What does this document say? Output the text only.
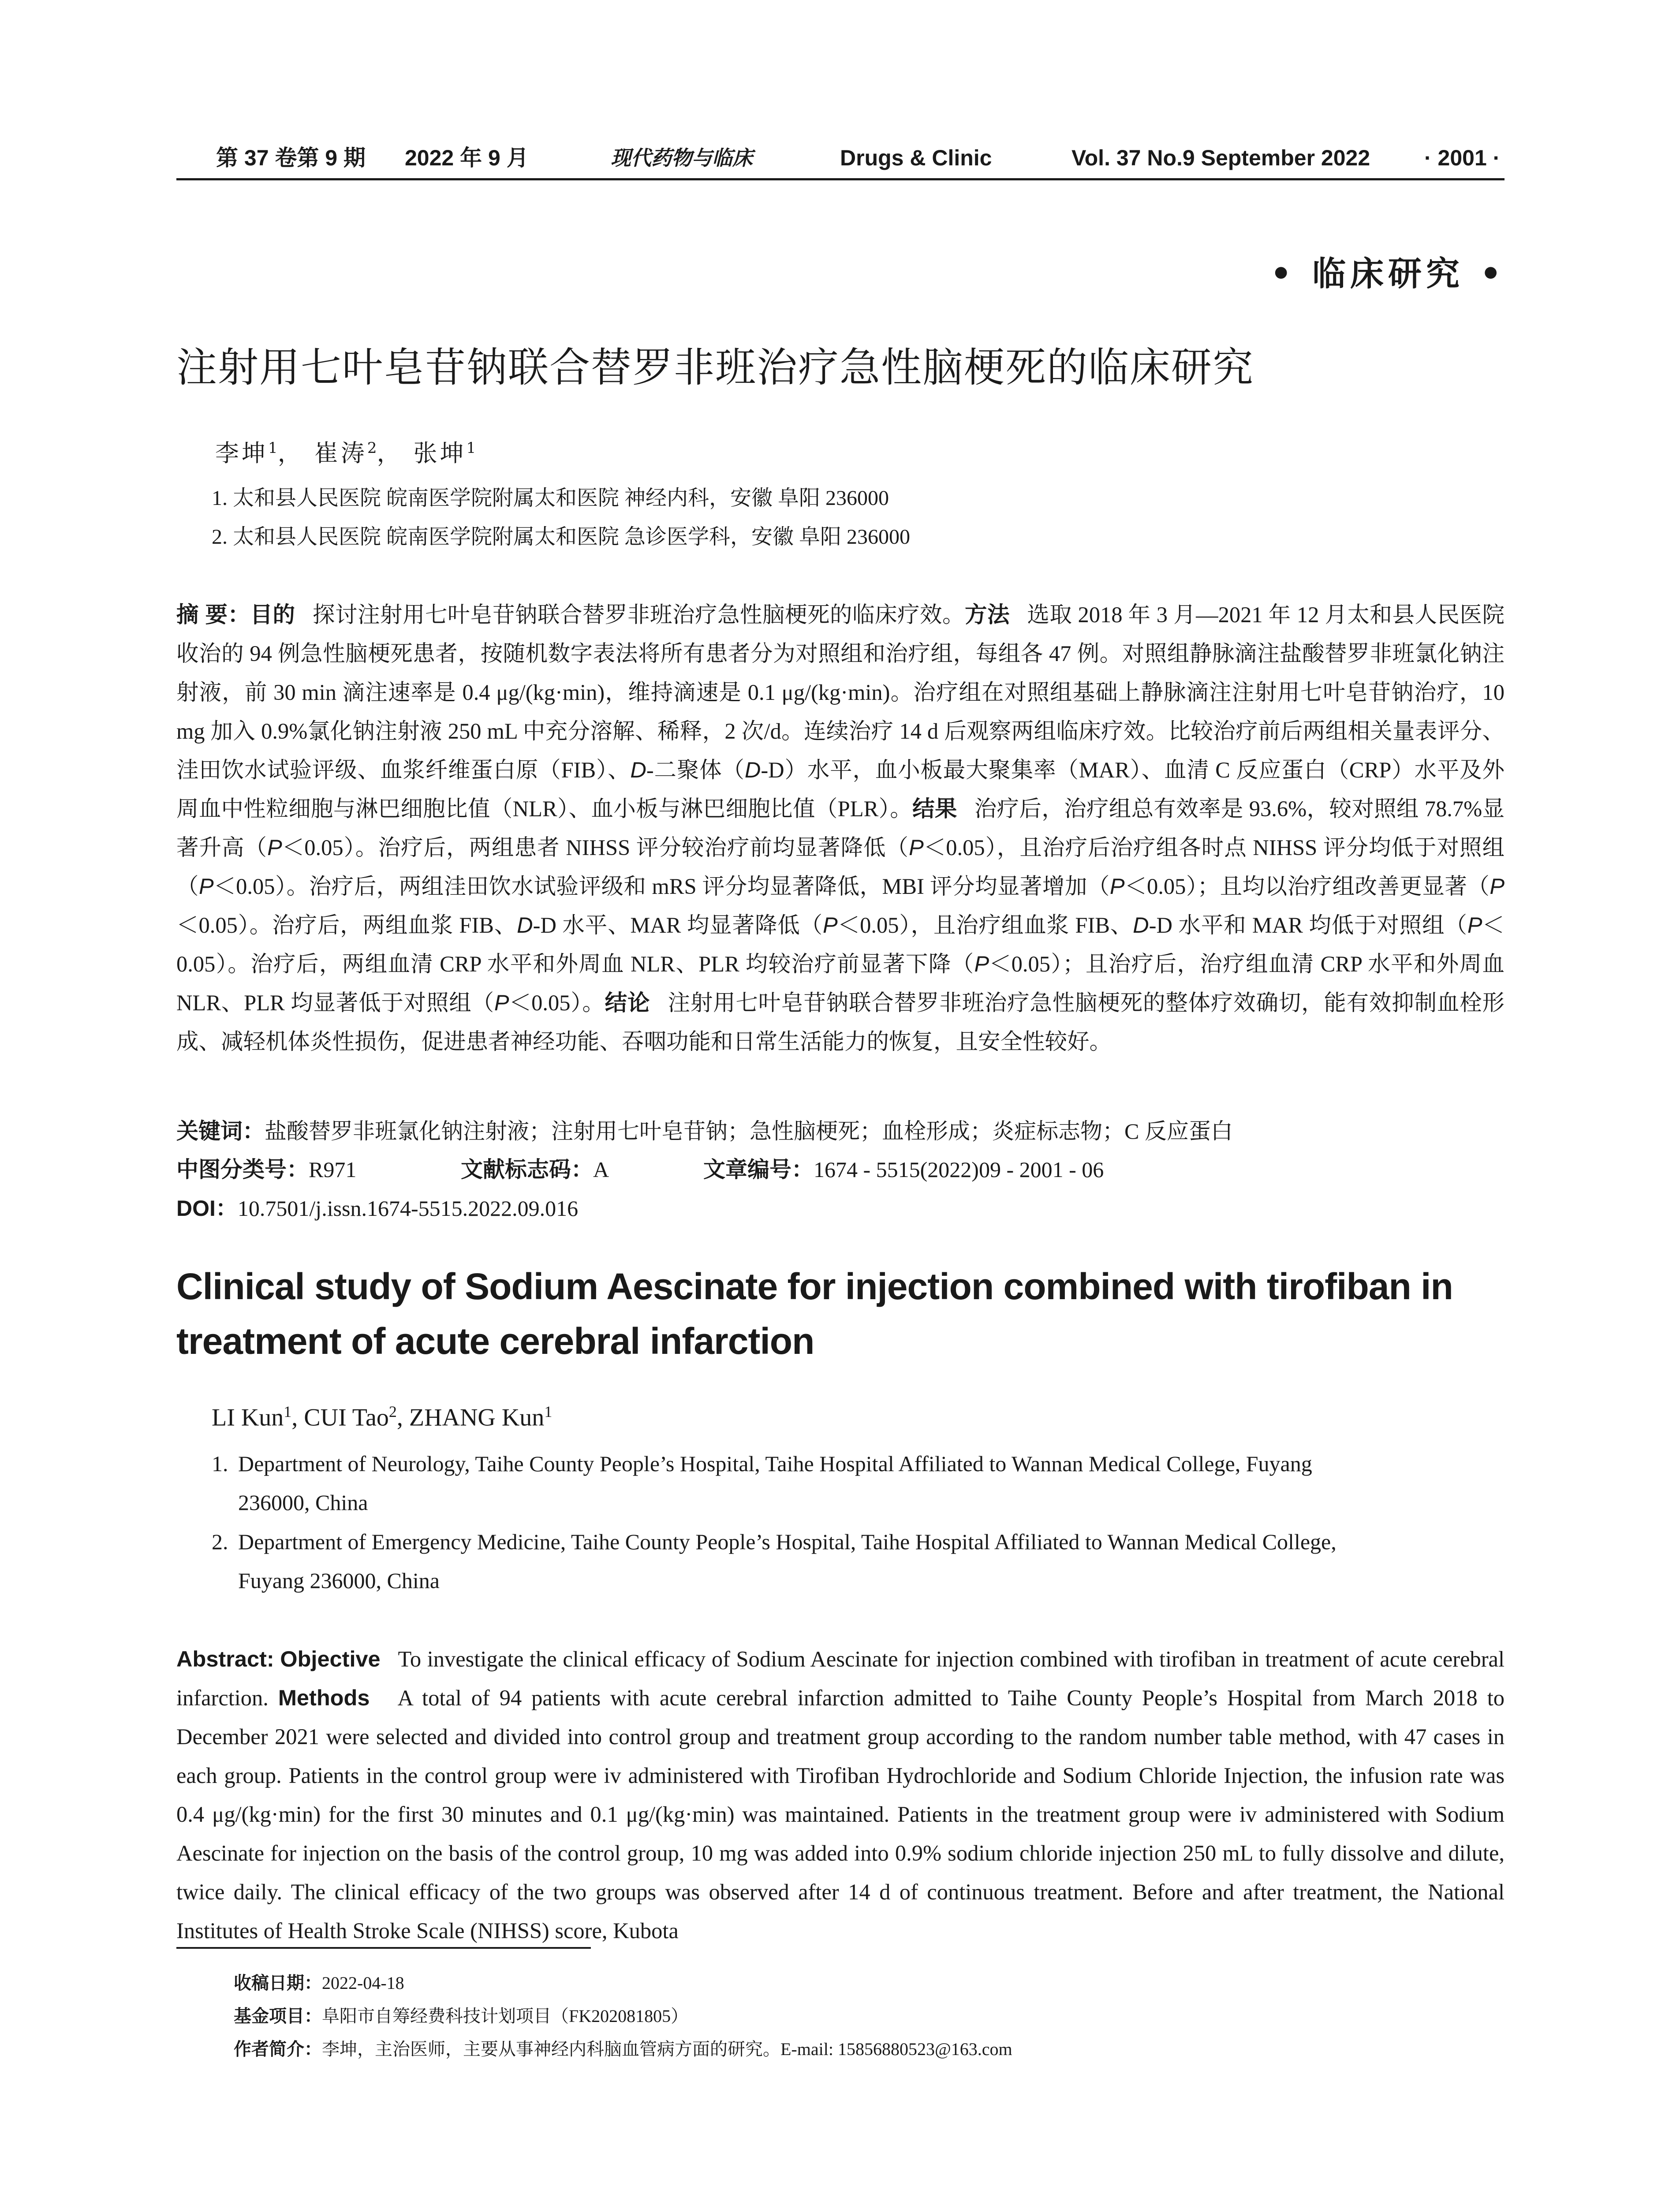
第 37 卷第 9 期 2022 年 9 月	现代药物与临床	Drugs & Clinic	Vol. 37 No.9 September 2022 · 2001 ·
• 临床研究 •
注射用七叶皂苷钠联合替罗非班治疗急性脑梗死的临床研究
李坤$^1$， 崔涛$^2$， 张坤$^1$
1. 太和县人民医院 皖南医学院附属太和医院 神经内科，安徽 阜阳 236000
2. 太和县人民医院 皖南医学院附属太和医院 急诊医学科，安徽 阜阳 236000
摘 要：目的 探讨注射用七叶皂苷钠联合替罗非班治疗急性脑梗死的临床疗效。方法 选取 2018 年 3 月—2021 年 12 月太和县人民医院收治的 94 例急性脑梗死患者，按随机数字表法将所有患者分为对照组和治疗组，每组各 47 例。对照组静脉滴注盐酸替罗非班氯化钠注射液，前 30 min 滴注速率是 0.4 μg/(kg·min)，维持滴速是 0.1 μg/(kg·min)。治疗组在对照组基础上静脉滴注注射用七叶皂苷钠治疗，10 mg 加入 0.9%氯化钠注射液 250 mL 中充分溶解、稀释，2 次/d。连续治疗 14 d 后观察两组临床疗效。比较治疗前后两组相关量表评分、洼田饮水试验评级、血浆纤维蛋白原（FIB）、D-二聚体（D-D）水平，血小板最大聚集率（MAR）、血清 C 反应蛋白（CRP）水平及外周血中性粒细胞与淋巴细胞比值（NLR）、血小板与淋巴细胞比值（PLR）。结果 治疗后，治疗组总有效率是 93.6%，较对照组 78.7%显著升高（P＜0.05）。治疗后，两组患者 NIHSS 评分较治疗前均显著降低（P＜0.05），且治疗后治疗组各时点 NIHSS 评分均低于对照组（P＜0.05）。治疗后，两组洼田饮水试验评级和 mRS 评分均显著降低，MBI 评分均显著增加（P＜0.05）；且均以治疗组改善更显著（P＜0.05）。治疗后，两组血浆 FIB、D-D 水平、MAR 均显著降低（P＜0.05），且治疗组血浆 FIB、D-D 水平和 MAR 均低于对照组（P＜0.05）。治疗后，两组血清 CRP 水平和外周血 NLR、PLR 均较治疗前显著下降（P＜0.05）；且治疗后，治疗组血清 CRP 水平和外周血 NLR、PLR 均显著低于对照组（P＜0.05）。结论 注射用七叶皂苷钠联合替罗非班治疗急性脑梗死的整体疗效确切，能有效抑制血栓形成、减轻机体炎性损伤，促进患者神经功能、吞咽功能和日常生活能力的恢复，且安全性较好。
关键词：盐酸替罗非班氯化钠注射液；注射用七叶皂苷钠；急性脑梗死；血栓形成；炎症标志物；C 反应蛋白
中图分类号：R971	文献标志码：A	文章编号：1674 - 5515(2022)09 - 2001 - 06
DOI：10.7501/j.issn.1674-5515.2022.09.016
Clinical study of Sodium Aescinate for injection combined with tirofiban in treatment of acute cerebral infarction
LI Kun$^1$, CUI Tao$^2$, ZHANG Kun$^1$
1. Department of Neurology, Taihe County People’s Hospital, Taihe Hospital Affiliated to Wannan Medical College, Fuyang
236000, China
2. Department of Emergency Medicine, Taihe County People’s Hospital, Taihe Hospital Affiliated to Wannan Medical College,
Fuyang 236000, China
Abstract: Objective To investigate the clinical efficacy of Sodium Aescinate for injection combined with tirofiban in treatment of acute cerebral infarction. Methods A total of 94 patients with acute cerebral infarction admitted to Taihe County People’s Hospital from March 2018 to December 2021 were selected and divided into control group and treatment group according to the random number table method, with 47 cases in each group. Patients in the control group were iv administered with Tirofiban Hydrochloride and Sodium Chloride Injection, the infusion rate was 0.4 μg/(kg·min) for the first 30 minutes and 0.1 μg/(kg·min) was maintained. Patients in the treatment group were iv administered with Sodium Aescinate for injection on the basis of the control group, 10 mg was added into 0.9% sodium chloride injection 250 mL to fully dissolve and dilute, twice daily. The clinical efficacy of the two groups was observed after 14 d of continuous treatment. Before and after treatment, the National Institutes of Health Stroke Scale (NIHSS) score, Kubota
收稿日期：2022-04-18
基金项目：阜阳市自筹经费科技计划项目（FK202081805）
作者简介：李坤，主治医师，主要从事神经内科脑血管病方面的研究。E-mail: 15856880523@163.com
